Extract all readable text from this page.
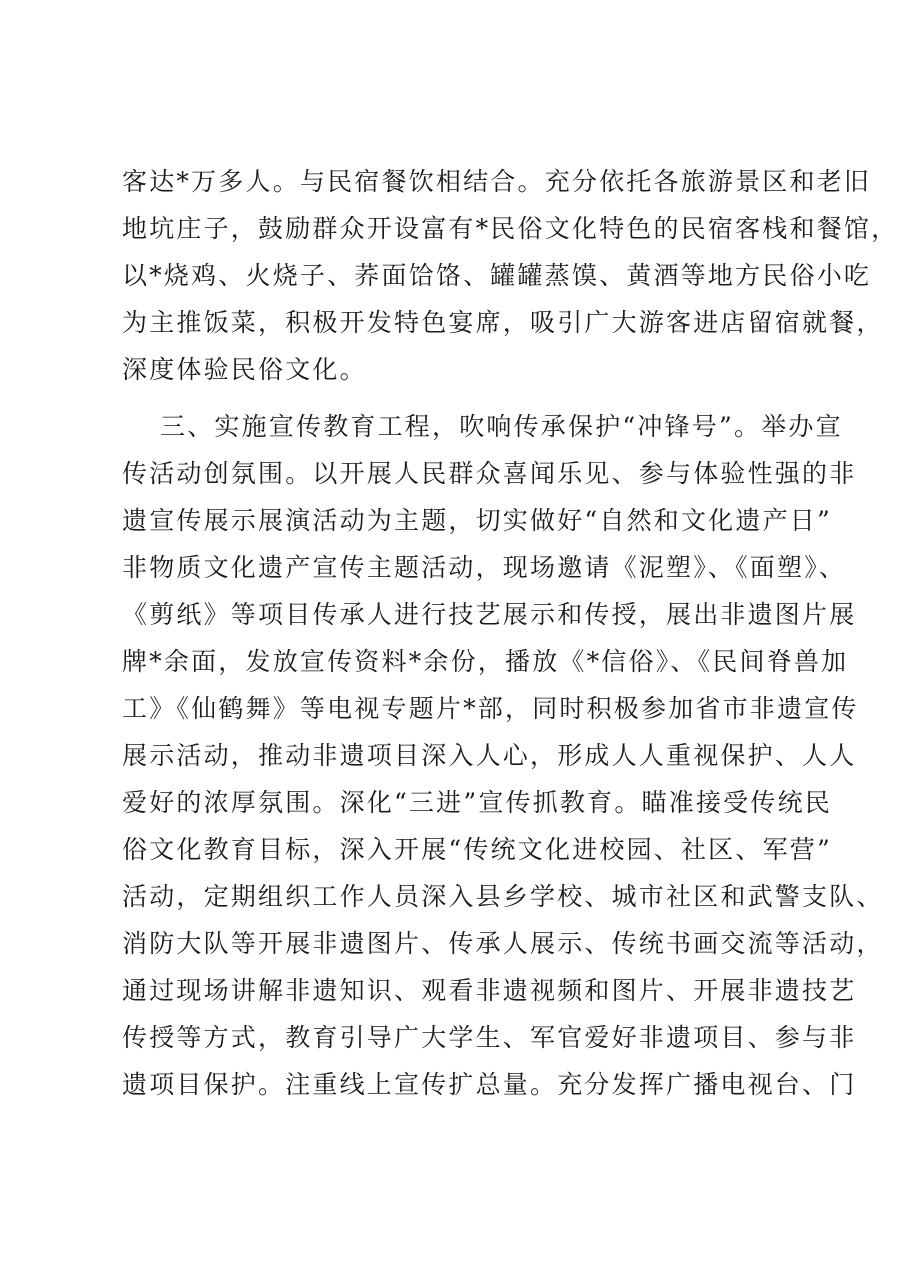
客达*万多人。与民宿餐饮相结合。充分依托各旅游景区和老旧
地坑庄子，鼓励群众开设富有*民俗文化特色的民宿客栈和餐馆，
以*烧鸡、火烧子、荞面饸饹、罐罐蒸馍、黄酒等地方民俗小吃
为主推饭菜，积极开发特色宴席，吸引广大游客进店留宿就餐，
深度体验民俗文化。
三、实施宣传教育工程，吹响传承保护“冲锋号”。举办宣
传活动创氛围。以开展人民群众喜闻乐见、参与体验性强的非
遗宣传展示展演活动为主题，切实做好“自然和文化遗产日”
非物质文化遗产宣传主题活动，现场邀请《泥塑》、《面塑》、
《剪纸》等项目传承人进行技艺展示和传授，展出非遗图片展
牌*余面，发放宣传资料*余份，播放《*信俗》、《民间脊兽加
工》《仙鹤舞》等电视专题片*部，同时积极参加省市非遗宣传
展示活动，推动非遗项目深入人心，形成人人重视保护、人人
爱好的浓厚氛围。深化“三进”宣传抓教育。瞄准接受传统民
俗文化教育目标，深入开展“传统文化进校园、社区、军营”
活动，定期组织工作人员深入县乡学校、城市社区和武警支队、
消防大队等开展非遗图片、传承人展示、传统书画交流等活动，
通过现场讲解非遗知识、观看非遗视频和图片、开展非遗技艺
传授等方式，教育引导广大学生、军官爱好非遗项目、参与非
遗项目保护。注重线上宣传扩总量。充分发挥广播电视台、门
